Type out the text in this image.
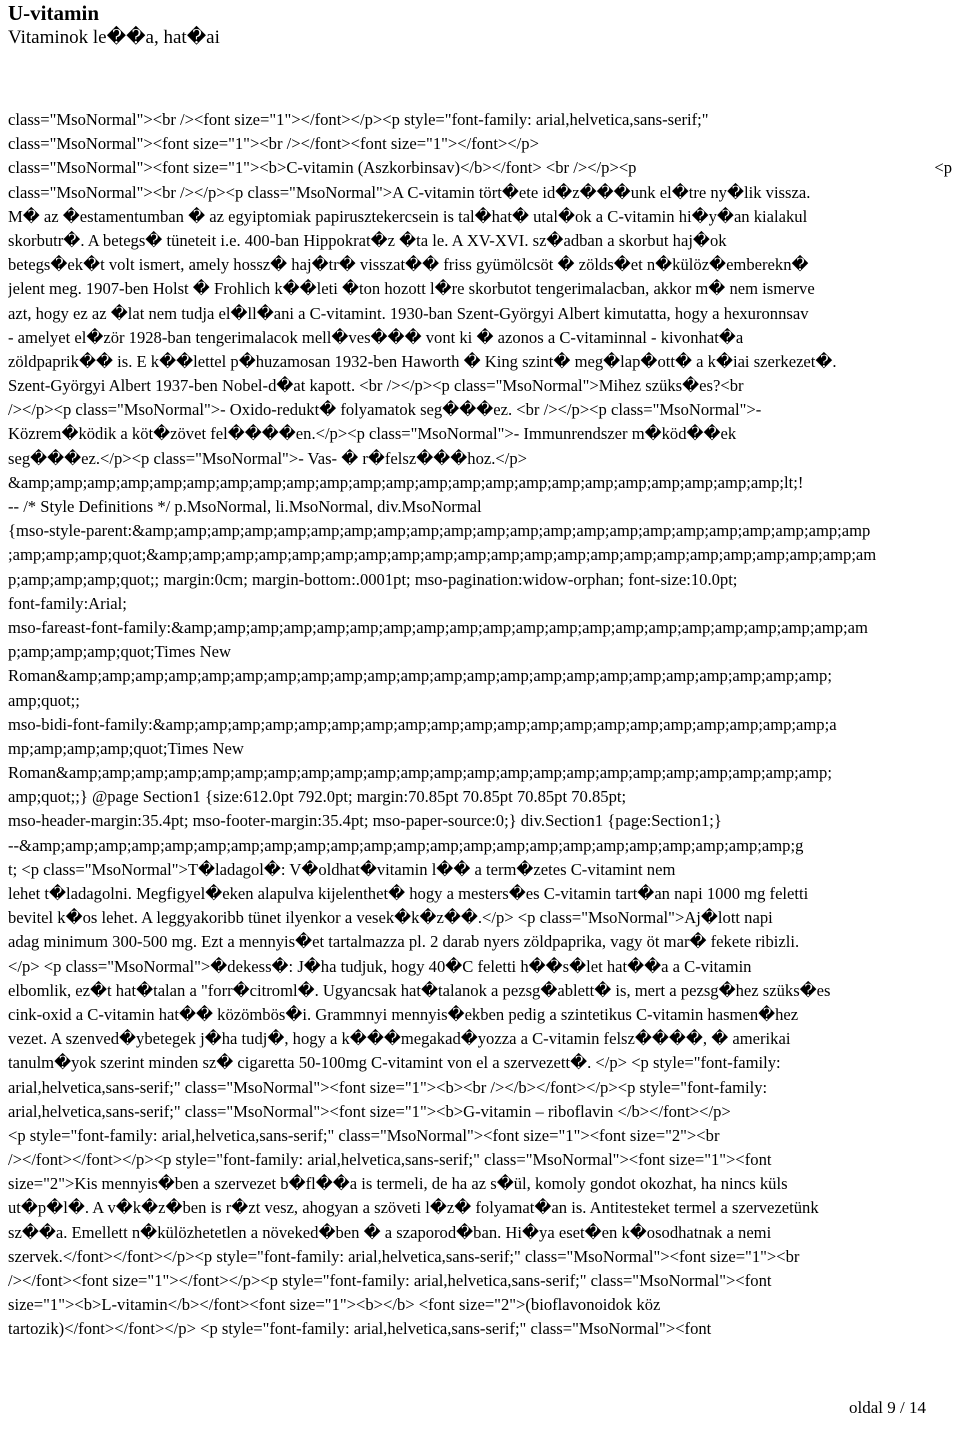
U-vitamin
Vitaminok le��a, hat�ai
class="MsoNormal"><br /><font size="1"></font></p><p style="font-family: arial,helvetica,sans-serif;"
class="MsoNormal"><font size="1"><br /></font><font size="1"></font></p>
class="MsoNormal"><font size="1"><b>C-vitamin (Aszkorbinsav)</b></font> <br /></p><p	<p
class="MsoNormal"><br /></p><p class="MsoNormal">A C-vitamin tört�ete id�z���unk el�tre ny�lik vissza.
M� az �estamentumban � az egyiptomiak papirusztekercsein is tal�hat� utal�ok a C-vitamin hi�y�an kialakul
skorbutr�. A betegs� tüneteit i.e. 400-ban Hippokrat�z �ta le. A XV-XVI. sz�adban a skorbut haj�ok
betegs�ek�t volt ismert, amely hossz� haj�tr� visszat�� friss gyümölcsöt � zölds�et n�külöz�emberekn�
jelent meg. 1907-ben Holst � Frohlich k��leti �ton hozott l�re skorbutot tengerimalacban, akkor m� nem ismerve
azt, hogy ez az �lat nem tudja el�ll�ani a C-vitamint. 1930-ban Szent-Györgyi Albert kimutatta, hogy a hexuronnsav
- amelyet el�zör 1928-ban tengerimalacok mell�ves��� vont ki � azonos a C-vitaminnal - kivonhat�a
zöldpaprik�� is. E k��lettel p�huzamosan 1932-ben Haworth � King szint� meg�lap�ott� a k�iai szerkezet�.
Szent-Györgyi Albert 1937-ben Nobel-d�at kapott. <br /></p><p class="MsoNormal">Mihez szüks�es?<br
/></p><p class="MsoNormal">- Oxido-redukt� folyamatok seg���ez. <br /></p><p class="MsoNormal">-
Közrem�ködik a köt�zövet fel����en.</p><p class="MsoNormal">- Immunrendszer m�köd��ek
seg���ez.</p><p class="MsoNormal">- Vas- � r�felsz���hoz.</p>
&amp;amp;amp;amp;amp;amp;amp;amp;amp;amp;amp;amp;amp;amp;amp;amp;amp;amp;amp;amp;amp;amp;amp;lt;!
-- /* Style Definitions */ p.MsoNormal, li.MsoNormal, div.MsoNormal
{mso-style-parent:&amp;amp;amp;amp;amp;amp;amp;amp;amp;amp;amp;amp;amp;amp;amp;amp;amp;amp;amp;amp;amp;amp
;amp;amp;amp;quot;&amp;amp;amp;amp;amp;amp;amp;amp;amp;amp;amp;amp;amp;amp;amp;amp;amp;amp;amp;amp;amp;am
p;amp;amp;amp;quot;; margin:0cm; margin-bottom:.0001pt; mso-pagination:widow-orphan; font-size:10.0pt;
font-family:Arial;
mso-fareast-font-family:&amp;amp;amp;amp;amp;amp;amp;amp;amp;amp;amp;amp;amp;amp;amp;amp;amp;amp;amp;amp;am
p;amp;amp;amp;quot;Times New
Roman&amp;amp;amp;amp;amp;amp;amp;amp;amp;amp;amp;amp;amp;amp;amp;amp;amp;amp;amp;amp;amp;amp;amp;
amp;quot;;
mso-bidi-font-family:&amp;amp;amp;amp;amp;amp;amp;amp;amp;amp;amp;amp;amp;amp;amp;amp;amp;amp;amp;amp;a
mp;amp;amp;amp;quot;Times New
Roman&amp;amp;amp;amp;amp;amp;amp;amp;amp;amp;amp;amp;amp;amp;amp;amp;amp;amp;amp;amp;amp;amp;amp;
amp;quot;;} @page Section1 {size:612.0pt 792.0pt; margin:70.85pt 70.85pt 70.85pt 70.85pt;
mso-header-margin:35.4pt; mso-footer-margin:35.4pt; mso-paper-source:0;} div.Section1 {page:Section1;}
--&amp;amp;amp;amp;amp;amp;amp;amp;amp;amp;amp;amp;amp;amp;amp;amp;amp;amp;amp;amp;amp;amp;amp;g
t; <p class="MsoNormal">T�ladagol�: V�oldhat�vitamin l�� a term�zetes C-vitamint nem
lehet t�ladagolni. Megfigyel�eken alapulva kijelenthet� hogy a mesters�es C-vitamin tart�an napi 1000 mg feletti
bevitel k�os lehet. A leggyakoribb tünet ilyenkor a vesek�k�z��.</p> <p class="MsoNormal">Aj�lott napi
adag minimum 300-500 mg. Ezt a mennyis�et tartalmazza pl. 2 darab nyers zöldpaprika, vagy öt mar� fekete ribizli.
</p> <p class="MsoNormal">�dekess�: J�ha tudjuk, hogy 40�C feletti h��s�let hat��a a C-vitamin
elbomlik, ez�t hat�talan a "forr�citroml�. Ugyancsak hat�talanok a pezsg�ablett� is, mert a pezsg�hez szüks�es
cink-oxid a C-vitamin hat�� közömbös�i. Grammnyi mennyis�ekben pedig a szintetikus C-vitamin hasmen�hez
vezet. A szenved�ybetegek j�ha tudj�, hogy a k���megakad�yozza a C-vitamin felsz����, � amerikai
tanulm�yok szerint minden sz� cigaretta 50-100mg C-vitamint von el a szervezett�. </p> <p style="font-family:
arial,helvetica,sans-serif;" class="MsoNormal"><font size="1"><b><br /></b></font></p><p style="font-family:
arial,helvetica,sans-serif;" class="MsoNormal"><font size="1"><b>G-vitamin – riboflavin </b></font></p>
<p style="font-family: arial,helvetica,sans-serif;" class="MsoNormal"><font size="1"><font size="2"><br
/></font></font></p><p style="font-family: arial,helvetica,sans-serif;" class="MsoNormal"><font size="1"><font
size="2">Kis mennyis�ben a szervezet b�fl��a is termeli, de ha az s�ül, komoly gondot okozhat, ha nincs küls
ut�p�l�. A v�k�z�ben is r�zt vesz, ahogyan a szöveti l�z� folyamat�an is. Antitesteket termel a szervezetünk
sz��a. Emellett n�külözhetetlen a növeked�ben � a szaporod�ban. Hi�ya eset�en k�osodhatnak a nemi
szervek.</font></font></p><p style="font-family: arial,helvetica,sans-serif;" class="MsoNormal"><font size="1"><br
/></font><font size="1"></font></p><p style="font-family: arial,helvetica,sans-serif;" class="MsoNormal"><font
size="1"><b>L-vitamin</b></font><font size="1"><b></b> <font size="2">(bioflavonoidok köz
tartozik)</font></font></p> <p style="font-family: arial,helvetica,sans-serif;" class="MsoNormal"><font
oldal 9 / 14
